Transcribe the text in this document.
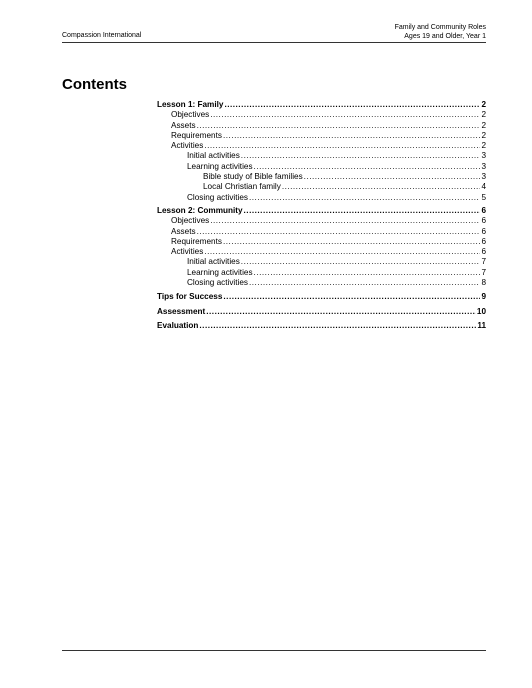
Compassion International
Family and Community Roles
Ages 19 and Older, Year 1
Contents
Lesson 1: Family .....	2
Objectives .....	2
Assets .....	2
Requirements .....	2
Activities .....	2
Initial activities .....	3
Learning activities .....	3
Bible study of Bible families .....	3
Local Christian family .....	4
Closing activities .....	5
Lesson 2: Community .....	6
Objectives .....	6
Assets .....	6
Requirements .....	6
Activities .....	6
Initial activities .....	7
Learning activities .....	7
Closing activities .....	8
Tips for Success .....	9
Assessment .....	10
Evaluation .....	11
